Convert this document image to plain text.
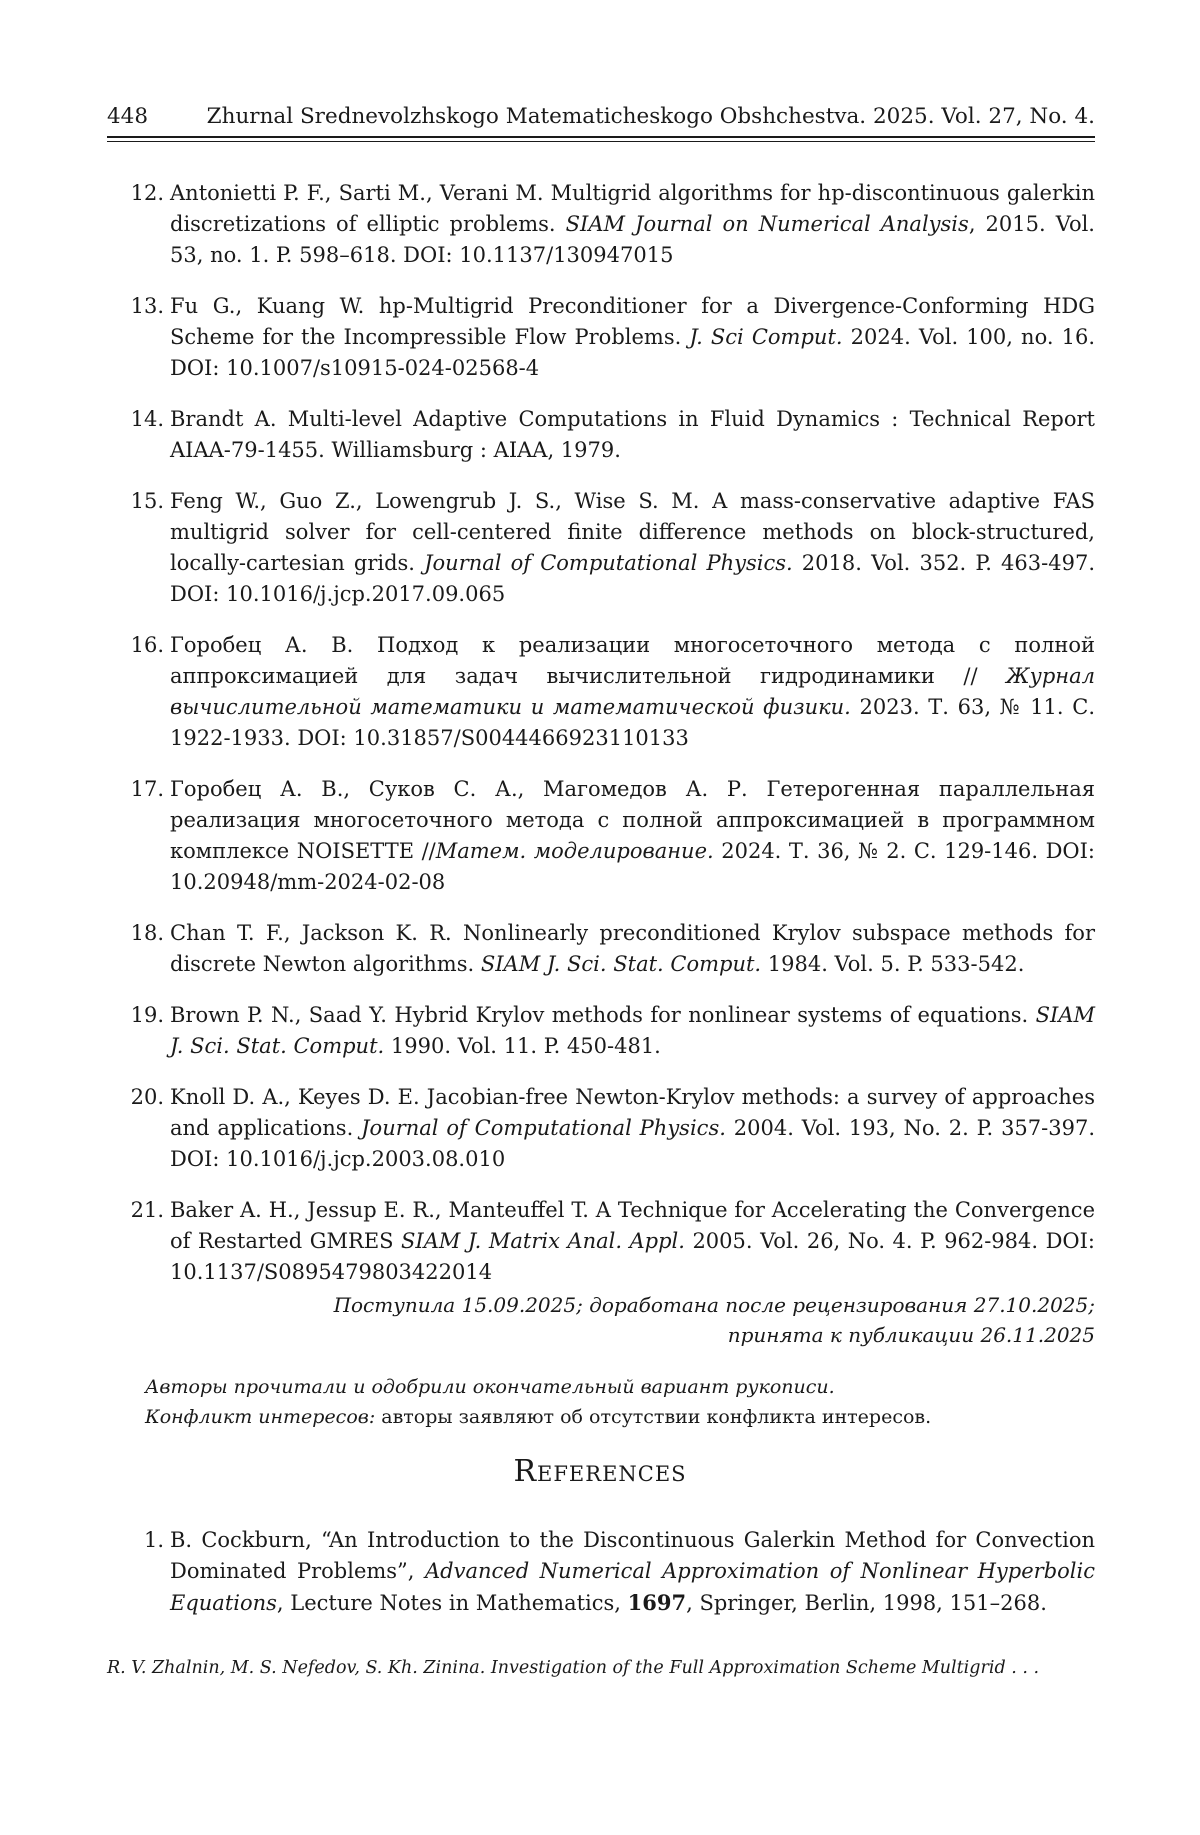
448	Zhurnal Srednevolzhskogo Matematicheskogo Obshchestva. 2025. Vol. 27, No. 4.
12. Antonietti P. F., Sarti M., Verani M. Multigrid algorithms for hp-discontinuous galerkin discretizations of elliptic problems. SIAM Journal on Numerical Analysis, 2015. Vol. 53, no. 1. P. 598–618. DOI: 10.1137/130947015
13. Fu G., Kuang W. hp-Multigrid Preconditioner for a Divergence-Conforming HDG Scheme for the Incompressible Flow Problems. J. Sci Comput. 2024. Vol. 100, no. 16. DOI: 10.1007/s10915-024-02568-4
14. Brandt A. Multi-level Adaptive Computations in Fluid Dynamics : Technical Report AIAA-79-1455. Williamsburg : AIAA, 1979.
15. Feng W., Guo Z., Lowengrub J. S., Wise S. M. A mass-conservative adaptive FAS multigrid solver for cell-centered finite difference methods on block-structured, locally-cartesian grids. Journal of Computational Physics. 2018. Vol. 352. P. 463-497. DOI: 10.1016/j.jcp.2017.09.065
16. Горобец А. В. Подход к реализации многосеточного метода с полной аппроксимацией для задач вычислительной гидродинамики // Журнал вычислительной математики и математической физики. 2023. Т. 63, № 11. С. 1922-1933. DOI: 10.31857/S0044466923110133
17. Горобец А. В., Суков С. А., Магомедов А. Р. Гетерогенная параллельная реализация многосеточного метода с полной аппроксимацией в программном комплексе NOISETTE //Матем. моделирование. 2024. Т. 36, № 2. С. 129-146. DOI: 10.20948/mm-2024-02-08
18. Chan T. F., Jackson K. R. Nonlinearly preconditioned Krylov subspace methods for discrete Newton algorithms. SIAM J. Sci. Stat. Comput. 1984. Vol. 5. P. 533-542.
19. Brown P. N., Saad Y. Hybrid Krylov methods for nonlinear systems of equations. SIAM J. Sci. Stat. Comput. 1990. Vol. 11. P. 450-481.
20. Knoll D. A., Keyes D. E. Jacobian-free Newton-Krylov methods: a survey of approaches and applications. Journal of Computational Physics. 2004. Vol. 193, No. 2. P. 357-397. DOI: 10.1016/j.jcp.2003.08.010
21. Baker A. H., Jessup E. R., Manteuffel T. A Technique for Accelerating the Convergence of Restarted GMRES SIAM J. Matrix Anal. Appl. 2005. Vol. 26, No. 4. P. 962-984. DOI: 10.1137/S0895479803422014
Поступила 15.09.2025; доработана после рецензирования 27.10.2025;
принята к публикации 26.11.2025
Авторы прочитали и одобрили окончательный вариант рукописи.
Конфликт интересов: авторы заявляют об отсутствии конфликта интересов.
References
1. B. Cockburn, “An Introduction to the Discontinuous Galerkin Method for Convection Dominated Problems”, Advanced Numerical Approximation of Nonlinear Hyperbolic Equations, Lecture Notes in Mathematics, 1697, Springer, Berlin, 1998, 151–268.
R. V. Zhalnin, M. S. Nefedov, S. Kh. Zinina. Investigation of the Full Approximation Scheme Multigrid . . .
